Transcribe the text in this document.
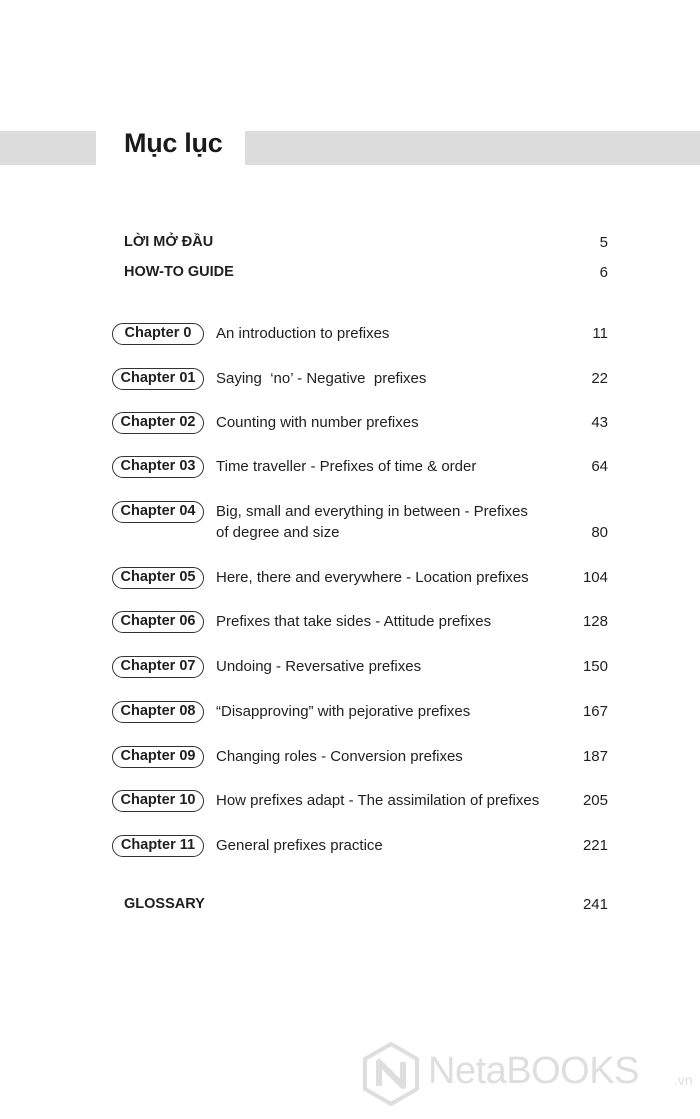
Mục lục
LỜI MỞ ĐẦU	5
HOW-TO GUIDE	6
Chapter 0	An introduction to prefixes	11
Chapter 01	Saying  ‘no’ - Negative  prefixes	22
Chapter 02	Counting with number prefixes	43
Chapter 03	Time traveller - Prefixes of time & order	64
Chapter 04	Big, small and everything in between - Prefixes of degree and size	80
Chapter 05	Here, there and everywhere - Location prefixes	104
Chapter 06	Prefixes that take sides - Attitude prefixes	128
Chapter 07	Undoing - Reversative prefixes	150
Chapter 08	“Disapproving” with pejorative prefixes	167
Chapter 09	Changing roles - Conversion prefixes	187
Chapter 10	How prefixes adapt - The assimilation of prefixes	205
Chapter 11	General prefixes practice	221
GLOSSARY	241
NetaBOOKS	.vn
